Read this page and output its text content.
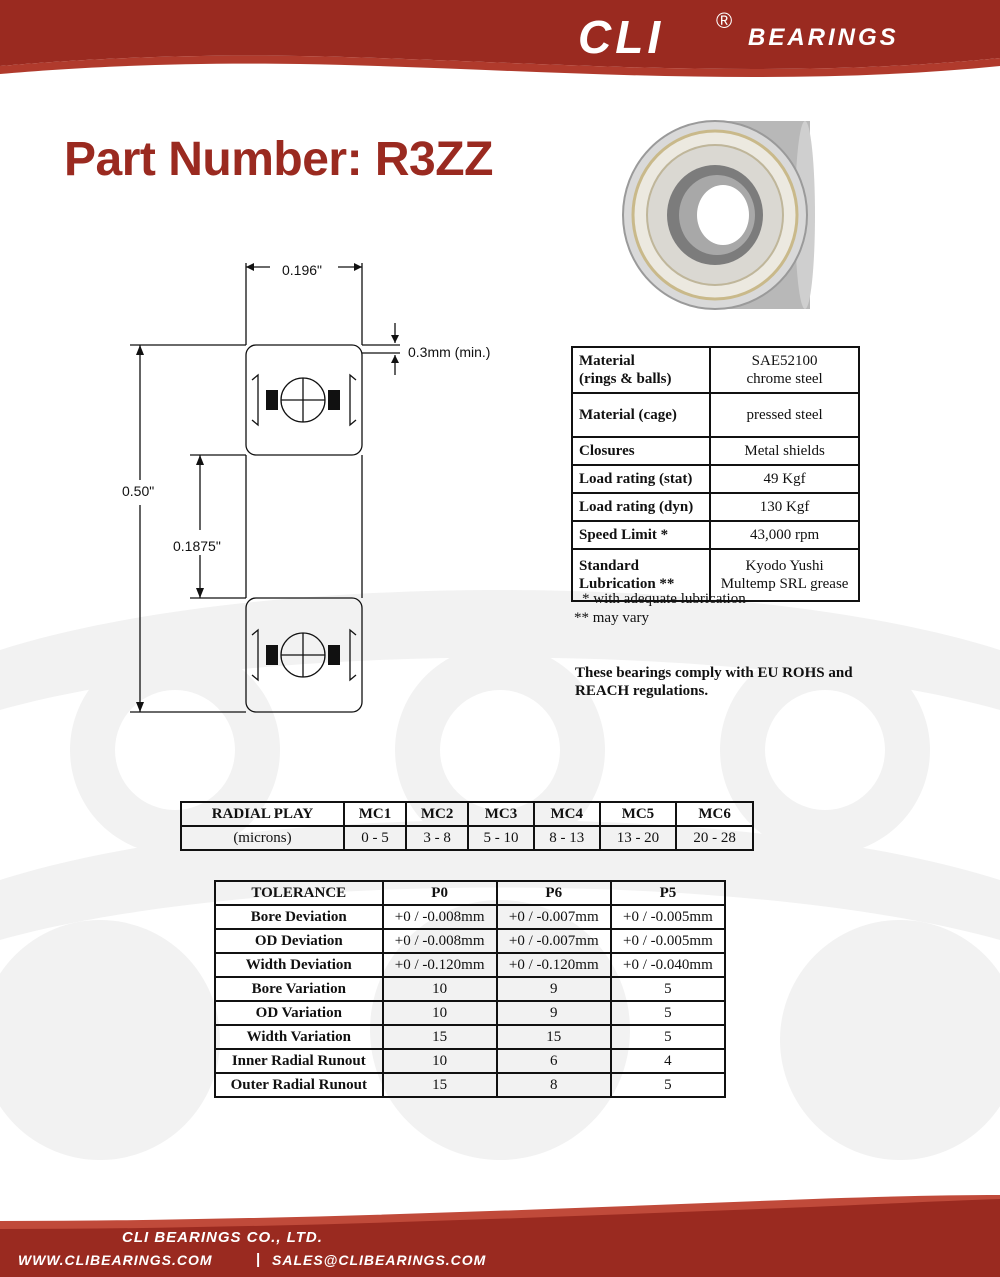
CLI ®
BEARINGS
Part Number: R3ZZ
0.196"
0.3mm (min.)
0.50"
0.1875"
Material
(rings & balls)	SAE52100
chrome steel
Material (cage)	pressed steel
Closures	Metal shields
Load rating (stat)	49 Kgf
Load rating (dyn)	130 Kgf
Speed Limit *	43,000 rpm
Standard
Lubrication **	Kyodo Yushi
Multemp SRL grease
* with adequate lubrication
** may vary
These bearings comply with EU ROHS and REACH regulations.
RADIAL PLAY	MC1	MC2	MC3	MC4	MC5	MC6
(microns)	0 - 5	3 - 8	5 - 10	8 - 13	13 - 20	20 - 28
TOLERANCE	P0	P6	P5
Bore Deviation	+0 / -0.008mm	+0 / -0.007mm	+0 / -0.005mm
OD Deviation	+0 / -0.008mm	+0 / -0.007mm	+0 / -0.005mm
Width Deviation	+0 / -0.120mm	+0 / -0.120mm	+0 / -0.040mm
Bore Variation	10	9	5
OD Variation	10	9	5
Width Variation	15	15	5
Inner Radial Runout	10	6	4
Outer Radial Runout	15	8	5
CLI BEARINGS CO., LTD.
WWW.CLIBEARINGS.COM	| SALES@CLIBEARINGS.COM
